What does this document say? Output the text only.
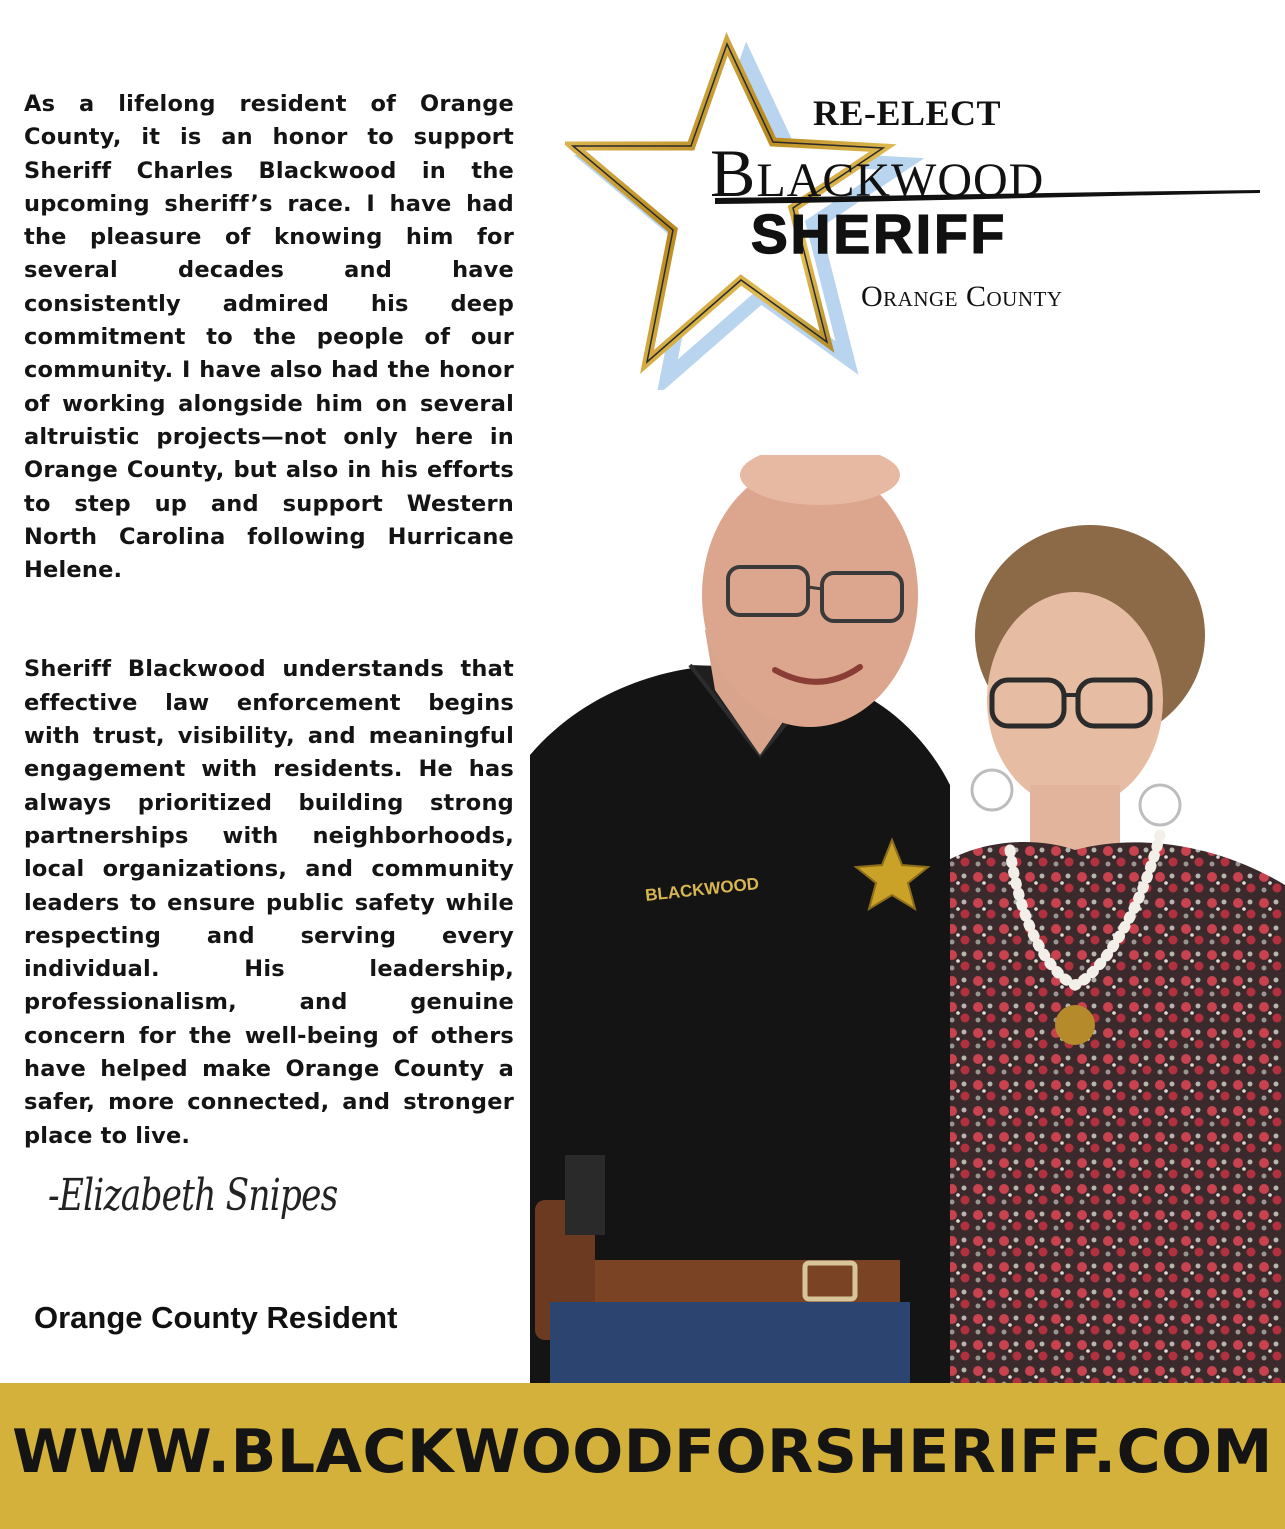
As a lifelong resident of Orange County, it is an honor to support Sheriff Charles Blackwood in the upcoming sheriff’s race. I have had the pleasure of knowing him for several decades and have consistently admired his deep commitment to the people of our community. I have also had the honor of working alongside him on several altruistic projects—not only here in Orange County, but also in his efforts to step up and support Western North Carolina following Hurricane Helene.

Sheriff Blackwood understands that effective law enforcement begins with trust, visibility, and meaningful engagement with residents. He has always prioritized building strong partnerships with neighborhoods, local organizations, and community leaders to ensure public safety while respecting and serving every individual. His leadership, professionalism, and genuine concern for the well-being of others have helped make Orange County a safer, more connected, and stronger place to live.

-Elizabeth Snipes
Orange County Resident
RE-ELECT
Blackwood
SHERIFF
Orange County
BLACKWOOD
WWW.BLACKWOODFORSHERIFF.COM
